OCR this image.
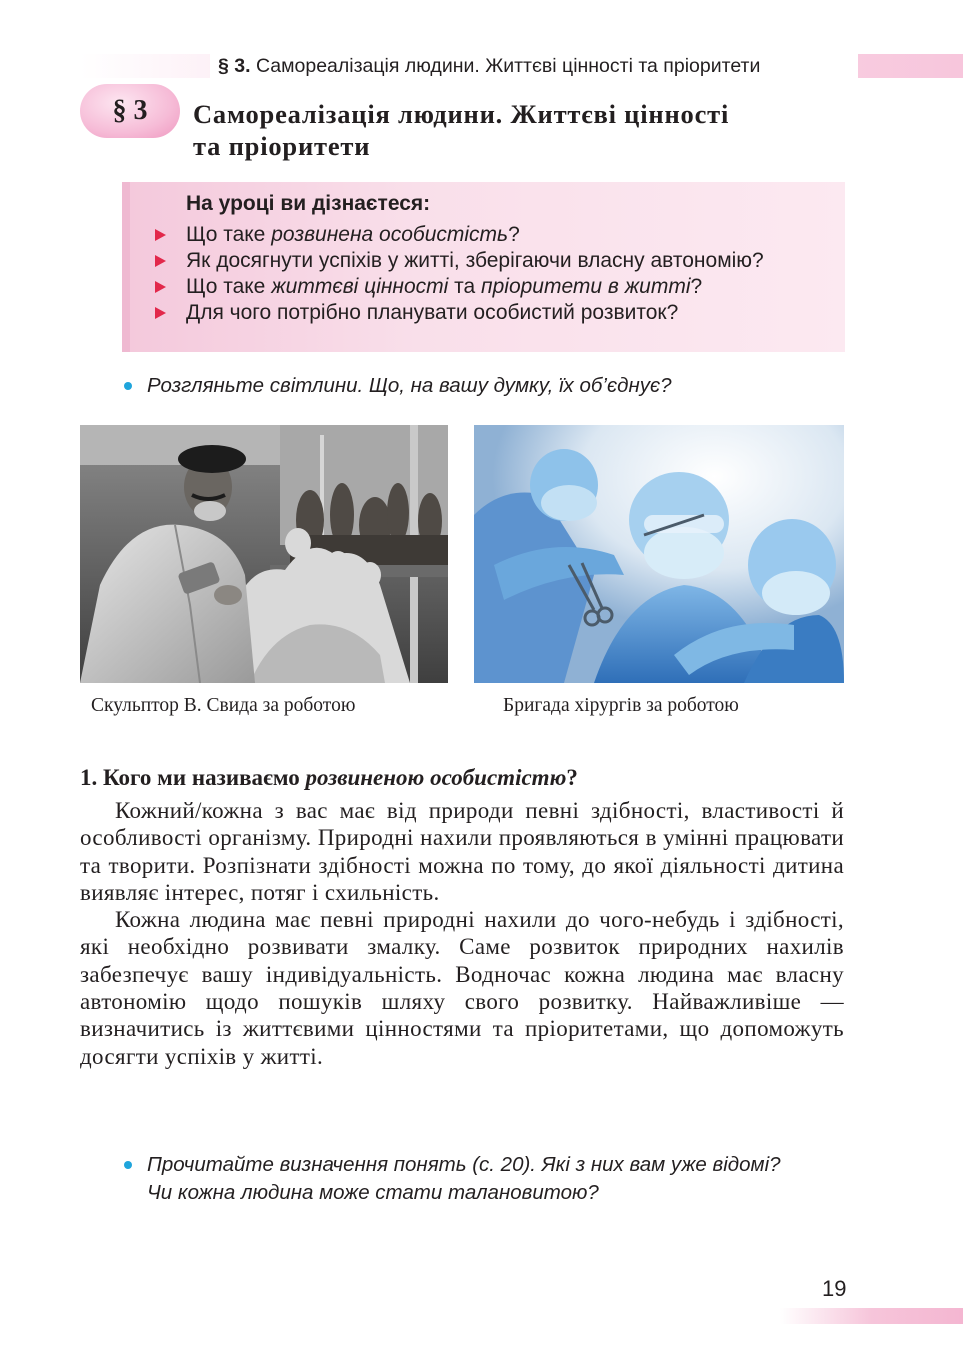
§ 3. Самореалізація людини. Життєві цінності та пріоритети
§ 3	Самореалізація людини. Життєві цінності
та пріоритети
На уроці ви дізнаєтеся:
Що таке розвинена особистість?
Як досягнути успіхів у житті, зберігаючи власну автономію?
Що таке життєві цінності та пріоритети в житті?
Для чого потрібно планувати особистий розвиток?
Розгляньте світлини. Що, на вашу думку, їх об’єднує?
Скульптор В. Свида за роботою	Бригада хірургів за роботою
1. Кого ми називаємо розвиненою особистістю?

Кожний/кожна з вас має від природи певні здібності, властивості й особливості організму. Природні нахили проявляються в умінні працювати та творити. Розпізнати здібності можна по тому, до якої діяльності дитина виявляє інтерес, потяг і схильність.

Кожна людина має певні природні нахили до чого-небудь і здібності, які необхідно розвивати змалку. Саме розвиток природних нахилів забезпечує вашу індивідуальність. Водночас кожна людина має власну автономію щодо пошуків шляху свого розвитку. Найважливіше — визначитись із життєвими цінностями та пріоритетами, що допоможуть досягти успіхів у житті.

Прочитайте визначення понять (с. 20). Які з них вам уже відомі?
Чи кожна людина може стати талановитою?
19
